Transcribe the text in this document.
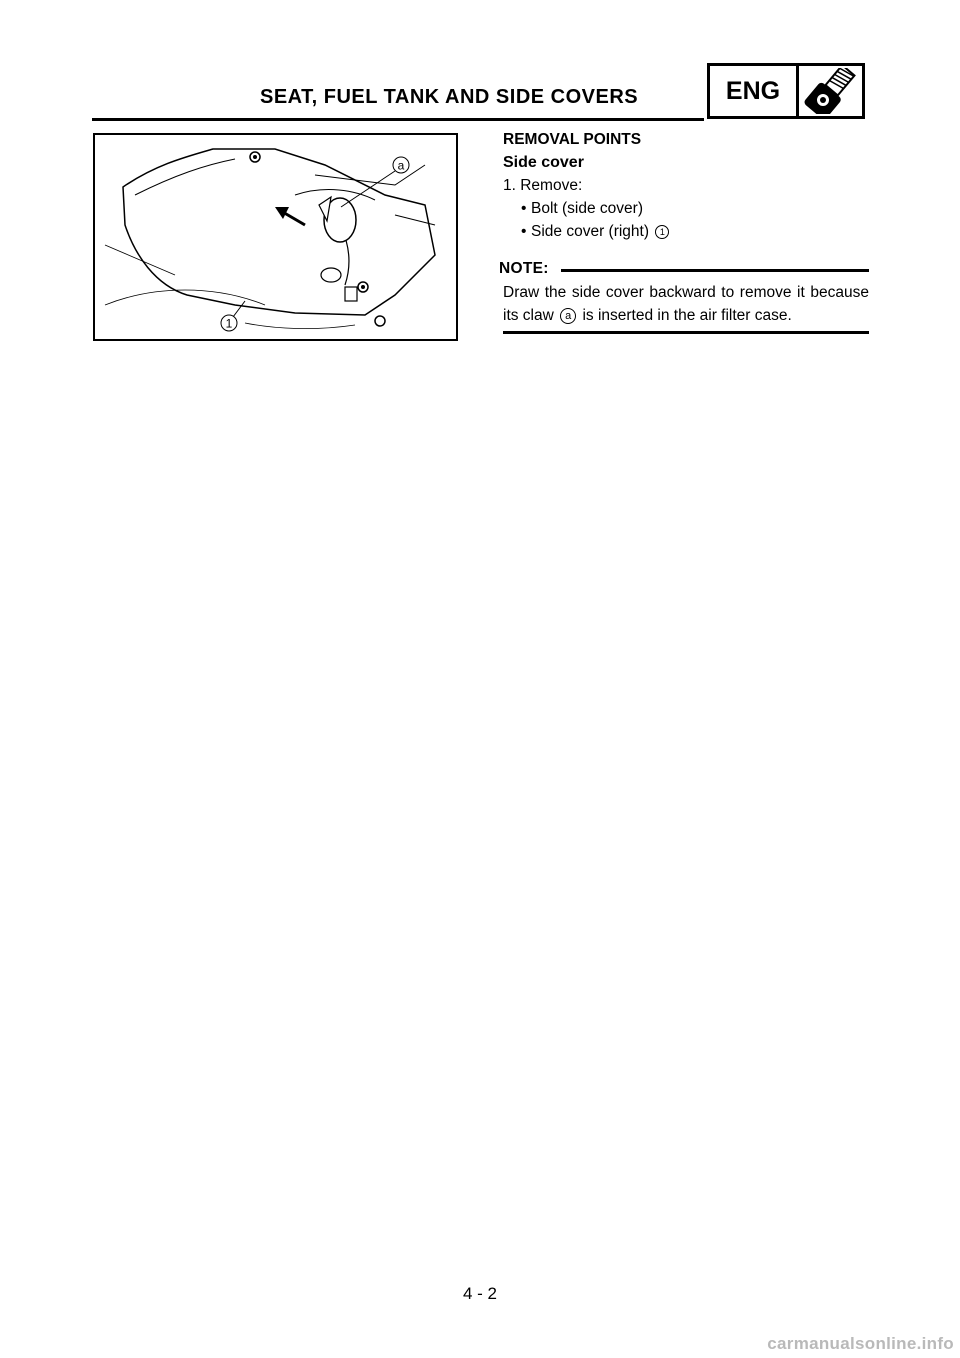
SEAT, FUEL TANK AND SIDE COVERS	ENG
a
1
REMOVAL POINTS
Side cover
1. Remove:
• Bolt (side cover)
• Side cover (right) 1
NOTE:
Draw the side cover backward to remove it because its claw a is inserted in the air filter case.
4 - 2
carmanualsonline.info
